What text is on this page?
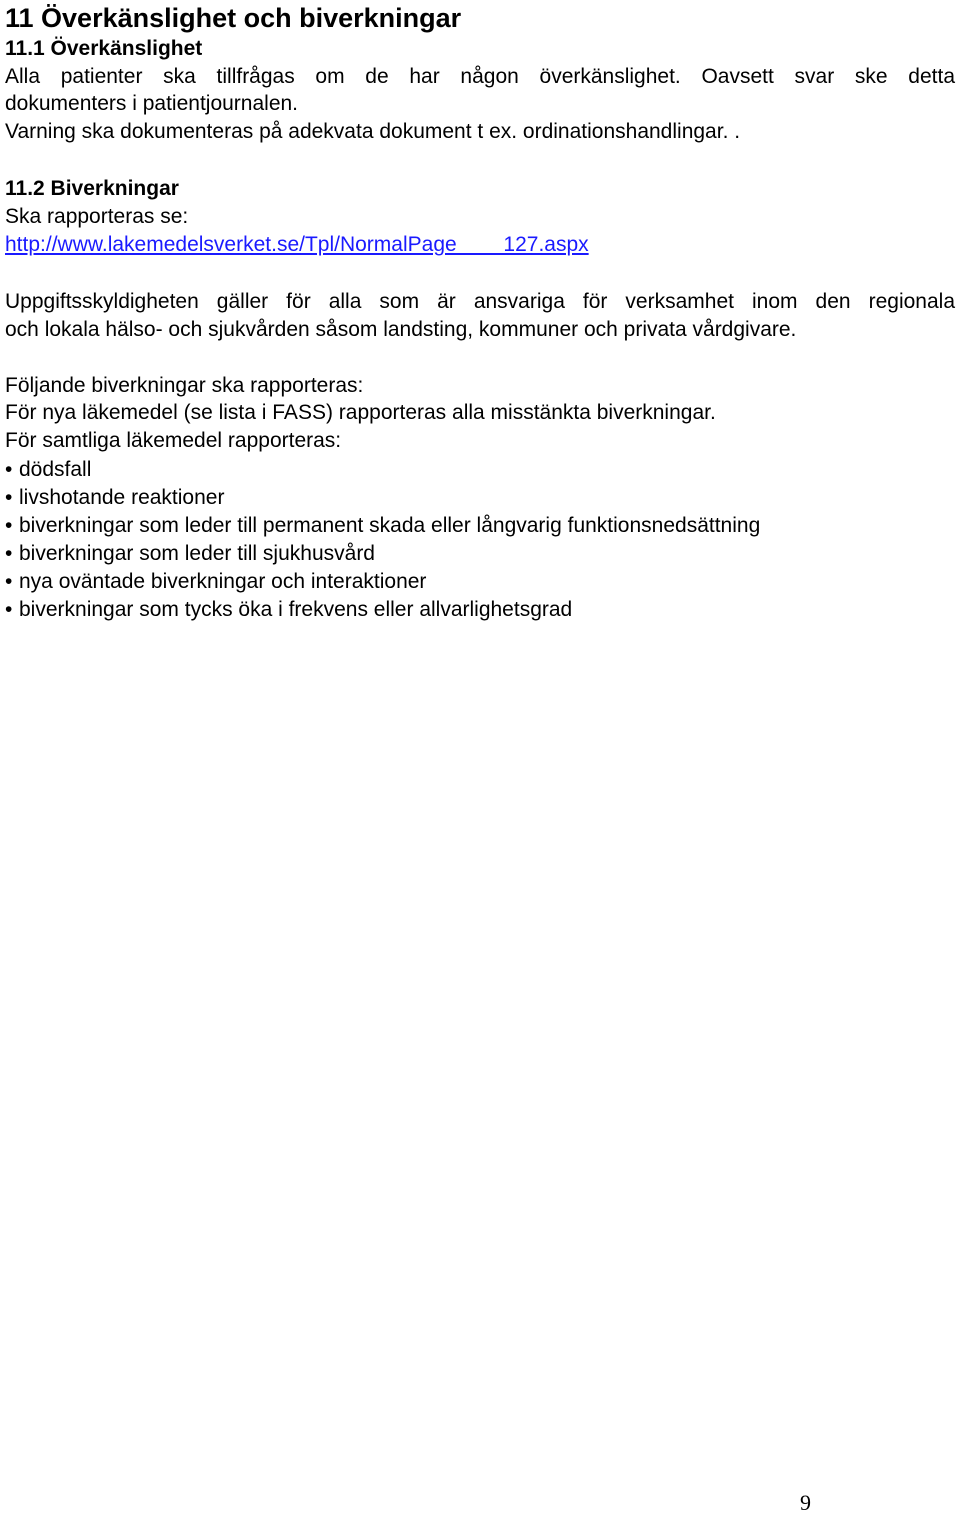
11 Överkänslighet och biverkningar
11.1 Överkänslighet
Alla patienter ska tillfrågas om de har någon överkänslighet. Oavsett svar ske detta
dokumenters i patientjournalen.
Varning ska dokumenteras på adekvata dokument t ex. ordinationshandlingar. .
11.2 Biverkningar
Ska rapporteras se:
http://www.lakemedelsverket.se/Tpl/NormalPage____127.aspx
Uppgiftsskyldigheten gäller för alla som är ansvariga för verksamhet inom den regionala
och lokala hälso- och sjukvården såsom landsting, kommuner och privata vårdgivare.
Följande biverkningar ska rapporteras:
För nya läkemedel (se lista i FASS) rapporteras alla misstänkta biverkningar.
För samtliga läkemedel rapporteras:
• dödsfall
• livshotande reaktioner
• biverkningar som leder till permanent skada eller långvarig funktionsnedsättning
• biverkningar som leder till sjukhusvård
• nya oväntade biverkningar och interaktioner
• biverkningar som tycks öka i frekvens eller allvarlighetsgrad
9
